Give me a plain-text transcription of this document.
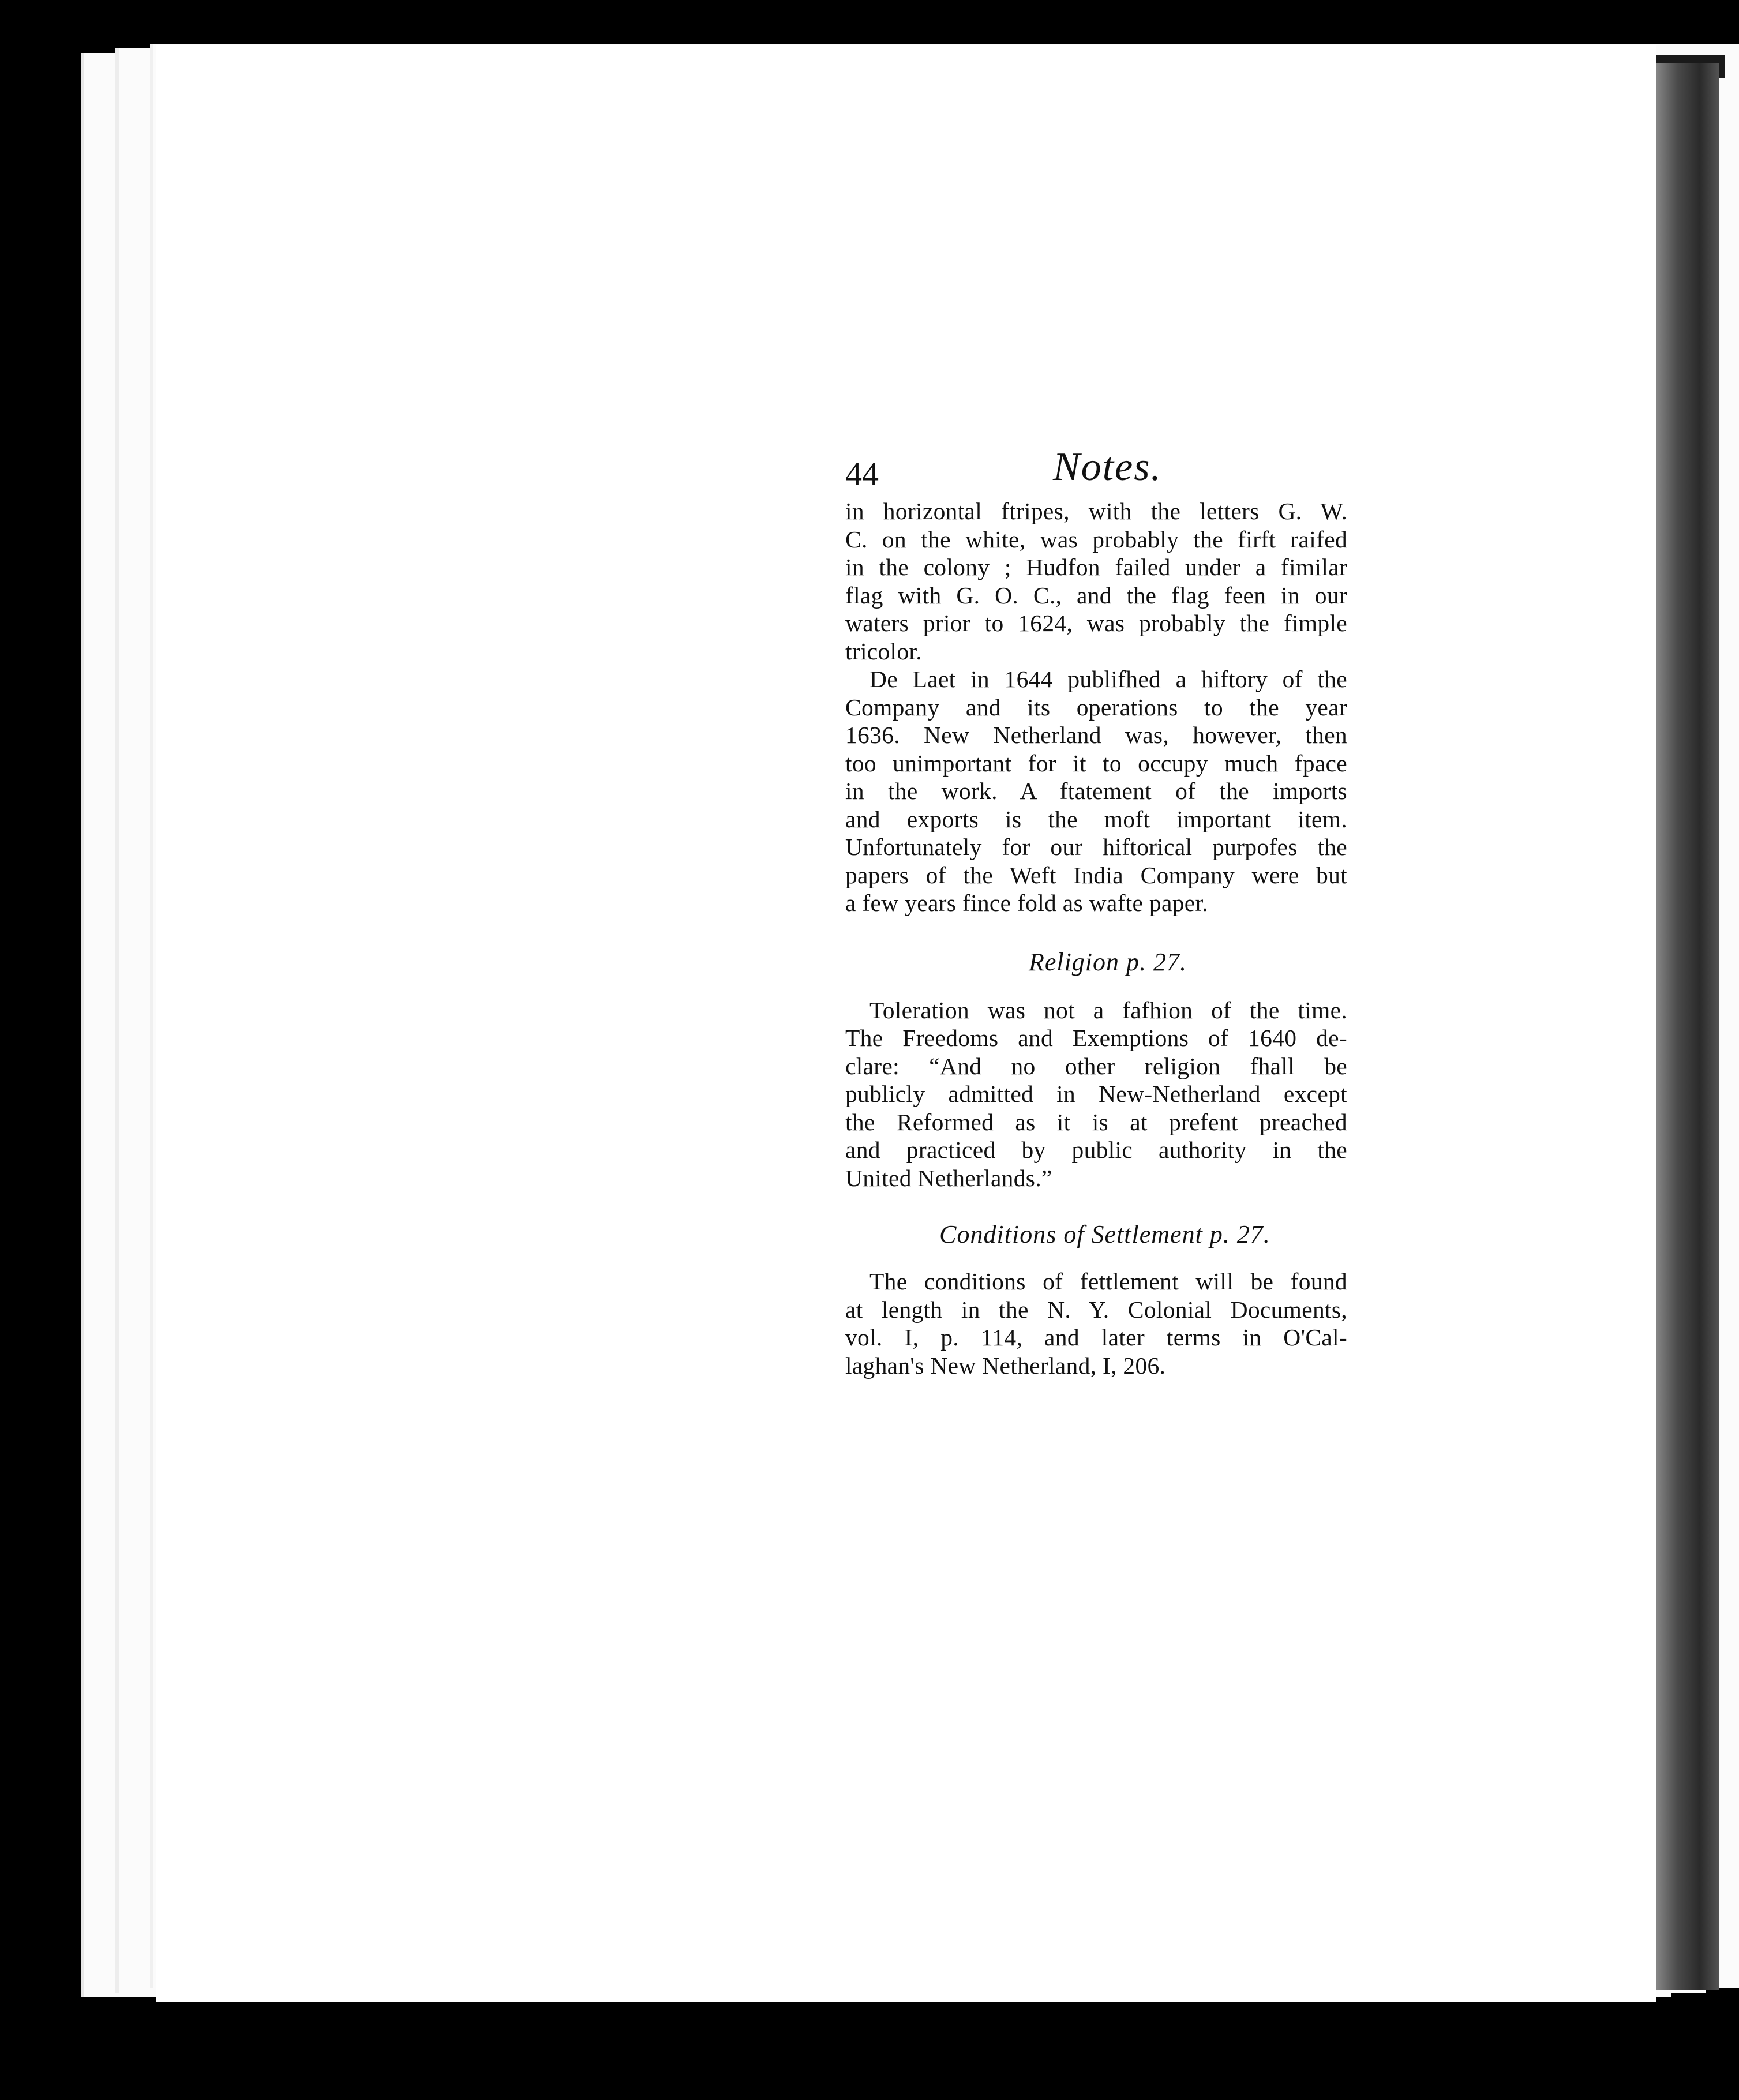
44	Notes.
in horizontal ftripes, with the letters G. W.
C. on the white, was probably the firft raifed
in the colony ; Hudfon failed under a fimilar
flag with G. O. C., and the flag feen in our
waters prior to 1624, was probably the fimple
tricolor.
De Laet in 1644 publifhed a hiftory of the
Company and its operations to the year
1636. New Netherland was, however, then
too unimportant for it to occupy much fpace
in the work. A ftatement of the imports
and exports is the moft important item.
Unfortunately for our hiftorical purpofes the
papers of the Weft India Company were but
a few years fince fold as wafte paper.

Religion p. 27.

Toleration was not a fafhion of the time.
The Freedoms and Exemptions of 1640 de-
clare: “And no other religion fhall be
publicly admitted in New-Netherland except
the Reformed as it is at prefent preached
and practiced by public authority in the
United Netherlands.”

Conditions of Settlement p. 27.

The conditions of fettlement will be found
at length in the N. Y. Colonial Documents,
vol. I, p. 114, and later terms in O'Cal-
laghan's New Netherland, I, 206.
